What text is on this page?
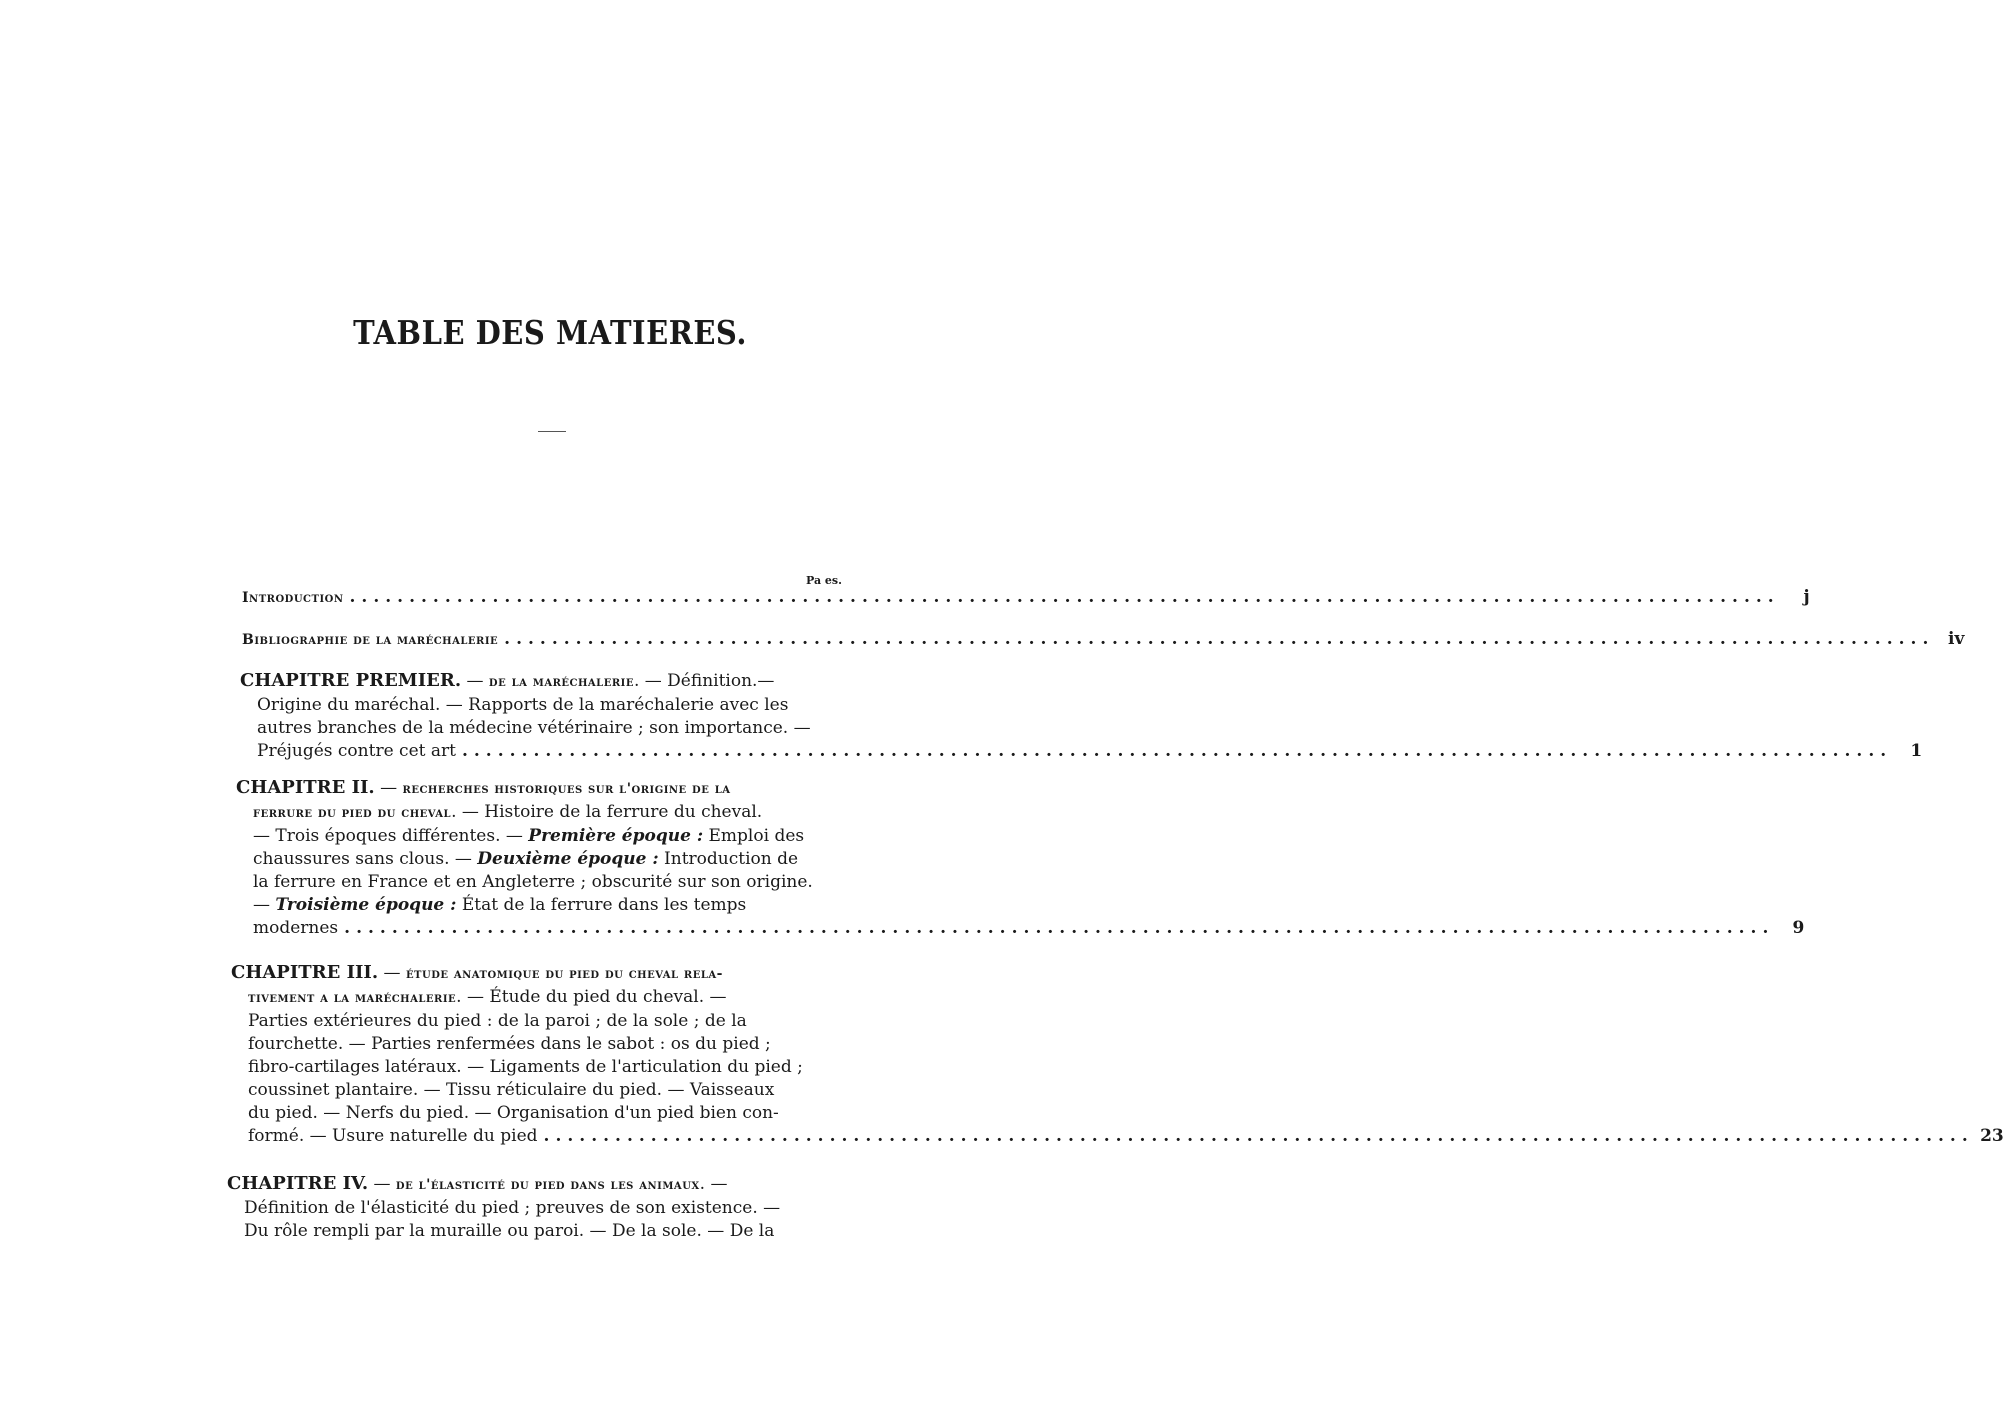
TABLE DES MATIERES.
Pa es.
Introduction ........................................................................................................................	j
Bibliographie de la maréchalerie ........................................................................................................................ iv
CHAPITRE PREMIER. — de la maréchalerie. — Définition.—
Origine du maréchal. — Rapports de la maréchalerie avec les
autres branches de la médecine vétérinaire ; son importance. —
Préjugés contre cet art ........................................................................................................................	1
CHAPITRE II. — recherches historiques sur l'origine de la
ferrure du pied du cheval. — Histoire de la ferrure du cheval.
— Trois époques différentes. — Première époque : Emploi des
chaussures sans clous. — Deuxième époque : Introduction de
la ferrure en France et en Angleterre ; obscurité sur son origine.
— Troisième époque : État de la ferrure dans les temps
modernes ........................................................................................................................	9
CHAPITRE III. — étude anatomique du pied du cheval rela-
tivement a la maréchalerie. — Étude du pied du cheval. —
Parties extérieures du pied : de la paroi ; de la sole ; de la
fourchette. — Parties renfermées dans le sabot : os du pied ;
fibro-cartilages latéraux. — Ligaments de l'articulation du pied ;
coussinet plantaire. — Tissu réticulaire du pied. — Vaisseaux
du pied. — Nerfs du pied. — Organisation d'un pied bien con-
formé. — Usure naturelle du pied ........................................................................................................................ 23
CHAPITRE IV. — de l'élasticité du pied dans les animaux. —
Définition de l'élasticité du pied ; preuves de son existence. —
Du rôle rempli par la muraille ou paroi. — De la sole. — De la
